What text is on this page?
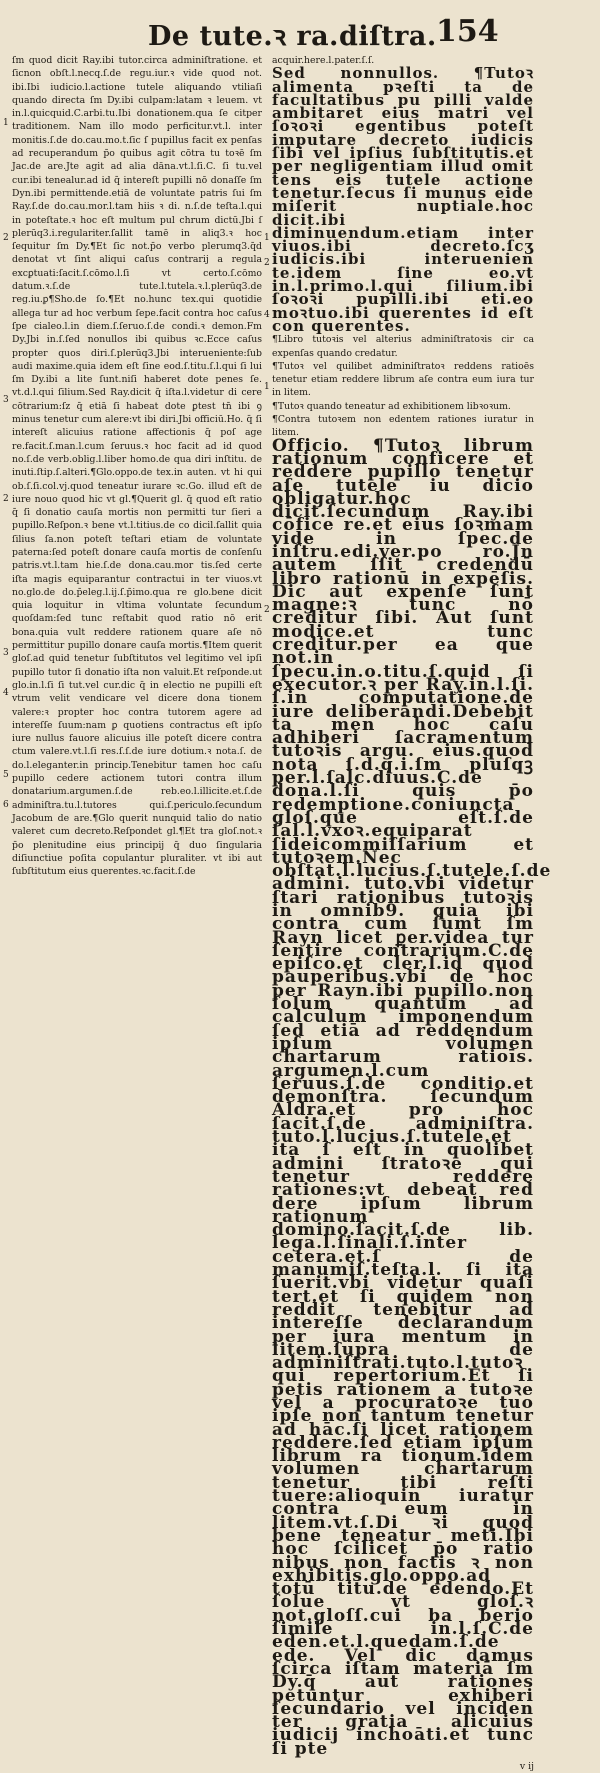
De tute.ꝛ ra.diſtra. 154

ſm quod dicit Ray.ibi tutor.circa adminiſtratione. et ſicnon obſt.l.necq.ſ.de regu.iur.ꝛ vide quod not. ibi.Ibi iudicio.l.actione tutele aliquando vtiliaſi quando directa ſm Dy.ibi culpam:latam ꝛ leuem. vt in.l.quicquid.C.arbi.tu.Ibi donationem.qua ſe citper traditionem. Nam illo modo perficitur.vt.l. inter monitis.ſ.de do.cau.mo.t.ſic ſ pupillus facit ex penſas ad recuperandum p̄o quibus agit cōtra tu toꝛē ſm Jac.de are.Jte agit ad alia dāna.vt.l.ſi.C. ſi tu.vel cur.ibi tenealur.ad id q̄ intereſt pupilli nō donaſſe ſm Dyn.ibi permittende.etiā de voluntate patris ſui ſm Ray.ſ.de do.cau.mor.l.tam hiis ꝛ di. n.ſ.de teſta.l.qui in poteſtate.ꝛ hoc eſt multum pul chrum dictū.Jbi ſ plerūq3.i.regulariter.ſallit tamē in aliq3.ꝛ hoc ſequitur ſm Dy.¶Et ſic not.p̄o verbo plerumq3.q̄d denotat vt ſint aliqui caſus contrarij a regula excꝑtuati:ſacit.ſ.cōmo.l.ſi vt certo.ſ.cōmo datum.ꝛ.ſ.de tute.l.tutela.ꝛ.l.plerūq3.de reg.iu.ꝑ¶Sho.de ſo.¶Et no.hunc tex.qui quotidie allega tur ad hoc verbum ſepe.facit contra hoc caſus ſpe cialeo.l.in diem.ſ.ſeruo.ſ.de condi.ꝛ demon.Fm Dy.Jbi in.ſ.ſed nonullos ibi quibus ꝛc.Ecce caſus propter quos diri.ſ.plerūq3.Jbi interueniente:ſub audi maxime.quia idem eſt ſine eod.ſ.titu.ſ.l.qui ſi lui ſm Dy.ibi a lite ſunt.niſi haberet dote penes ſe. vt.d.l.qui ſilium.Sed Ray.dicit q̄ iſta.l.videtur di cere cōtrarium:ſz q̄ etiā ſi habeat dote ꝑtest tn̄ ibi ꝯ minus tenetur cum alere:vt ibi diri.Jbi officiū.Ho. q̄ ſi intereſt alicuius ratione affectionis q̄ poſ age re.facit.ſ.man.l.cum ſeruus.ꝛ hoc facit ad id quod no.ſ.de verb.oblig.l.liber homo.de qua diri inſtitu. de inuti.ſtip.ſ.alteri.¶Glo.oppo.de tex.in auten. vt hi qui ob.ſ.ſi.col.vj.quod teneatur iurare ꝛc.Go. illud eſt de iure nouo quod hic vt gl.¶Querit gl. q̄ quod eſt ratio q̄ ſi donatio cauſa mortis non permitti tur ſieri a pupillo.Reſpon.ꝛ bene vt.l.titius.de co dicil.ſallit quia ſilius ſa.non poteſt teſtari etiam de voluntate paterna:ſed poteſt donare cauſa mortis de conſenſu patris.vt.l.tam hie.ſ.de dona.cau.mor tis.ſed certe iſta magis equiparantur contractui in ter viuos.vt no.glo.de do.p̄eleg.l.ij.ſ.p̄imo.qua re glo.bene dicit quia loquitur in vltima voluntate ſecundum quoſdam:ſed tunc reſtabit quod ratio nō erit bona.quia vult reddere rationem quare aſe nō permittitur pupillo donare cauſa mortis.¶Item querit gloſ.ad quid tenetur ſubſtitutos vel legitimo vel ipſi pupillo tutor ſi donatio iſta non valuit.Et reſponde.ut glo.in.l.ſi ſi tut.vel cur.dic q̄ in electio ne pupilli eſt vtrum velit vendicare vel dicere dona tionem valere:ꝛ propter hoc contra tutorem agere ad intereſſe ſuum:nam ꝑ quotiens contractus eſt ipſo iure nullus fauore alicuius ille poteſt dicere contra ctum valere.vt.l.ſi res.ſ.ſ.de iure dotium.ꝛ nota.ſ. de do.l.eleganter.in princip.Tenebitur tamen hoc caſu pupillo cedere actionem tutori contra illum donatarium.argumen.ſ.de reb.eo.l.illicite.et.ſ.de adminiſtra.tu.l.tutores qui.ſ.periculo.ſecundum Jacobum de are.¶Glo querit nunquid talio do natio valeret cum decreto.Reſpondet gl.¶Et tra gloſ.not.ꝛ p̄o plenitudine eius principij q̄ duo ſingularia diſiunctiue poſita copulantur pluraliter. vt ibi aut ſubſtitutum eius querentes.ꝛc.facit.ſ.de

acquir.here.l.pater.ſ.ſ.

Sed nonnullos. ¶Tutoꝛ alimenta pꝛeſti ta de facultatibus pu pilli valde ambitaret eius matri vel ſoꝛoꝛi egentibus poteſt imputare decreto iudicis ſibi vel ipſius ſubſtitutis.et per negligentiam illud omit tens eis tutele actione tenetur.ſecus ſi munus eide miſerit nuptiale.hoc dicit.ibi diminuendum.etiam inter viuos.ibi decreto.ſcʒ iudicis.ibi interuenien te.idem ſine eo.vt in.l.primo.l.qui ſilium.ibi ſoꝛoꝛi pupilli.ibi eti.eo moꝛtuo.ibi querentes id eſt con querentes.

¶Libro tutoꝛis vel alterius adminiſtratoꝛis cir ca expenſas quando credatur.

¶Tutoꝛ vel quilibet adminiſtratoꝛ reddens ratioēs tenetur etiam reddere librum aſe contra eum iura tur in litem.

¶Tutoꝛ quando teneatur ad exhibitionem libꝛoꝛum.

¶Contra tutoꝛem non edentem rationes iuratur in litem.

Officio. ¶Tutoꝛ librum rationum conficere et reddere pupillo tenetur aſe tutele iu dicio obligatur.hoc dicit.ſecundum Ray.ibi cōfice re.et eius ſoꝛmam vide in ſpec.de inſtru.edi.ver.po ro.Jn autem ſſit credendū libro rationū in expēſis. Dic aut expenſe ſunt magne:ꝛ tunc nō creditur ſibi. Aut ſunt modice.et tunc creditur.per ea que not.in ſpecu.in.o.titu.ſ.quid ſi executor.ꝛ per Ray.in.l.ſi. ſ.in computatione.de iure deliberandi.Debebit ta men hoc caſu adhiberi ſacramentum tutoꝛis argu. eius.quod nota ſ.d.q.i.ſm pluſqꝫ per.l.ſalc.diuus.C.de dona.l.ſi quis p̄o redemptione.coniuncta gloſ.que eſt.ſ.de ſal.l.vxoꝛ.equiparat ſideicommiſſarium et tutoꝛem.Nec obſtat.l.lucius.ſ.tutele.ſ.de admini. tuto.vbi videtur ſtari rationibus tutoꝛis in omnib9. quia ibi contra cum ſumt ſm Rayn licet ꝑer.videa tur ſentire contrarium.C.de epiſco.et cler.l.id quod pauperibus.vbi de hoc per Rayn.ibi pupillo.non ſolum quantum ad calculum imponendum ſed etiā ad reddendum ipſum volumen chartarum ratioīs. argumen.l.cum ſeruus.ſ.de conditio.et demonſtra. ſecundum Aldra.et pro hoc ſacit.ſ.de adminiſtra. tuto.l.lucius.ſ.tutele.et ita ſ eſt in quolibet admini ſtratoꝛe qui tenetur reddere rationes:vt debeat red dere ipſum librum rationum domino.ſacit.ſ.de lib. lega.l.ſinali.ſ.inter cetera.et.ſ de manumiſ.teſta.l. ſi ita ſuerit.vbi videtur quaſi tert.et ſi quidem non reddit tenebitur ad intereſſe declarandum per iura mentum in litem.ſupra de adminiſtrati.tuto.l.tutoꝛ qui repertorium.Et ſi petis rationem a tutoꝛe vel a procuratoꝛe tuo ipſe non tantum tenetur ad hāc.ſi licet rationem reddere.ſed etiam ipſum librum ra tionum.idem volumen chartarum tenetur tibi reſti tuere:alioquin iuratur contra eum in litem.vt.ſ.Di ꝛi quod bene teneatur meti.Ibi hoc ſcilicet p̄o ratio nibus non factis ꝛ non exhibitis.glo.oppo.ad totū titu.de edendo.Et ſolue vt gloſ.ꝛ not.gloſſ.cui ba berio ſimile in.l.ſ.C.de eden.et.l.quedam.ſ.de ede. Vel dic damus ſcirca iſtam materiā ſm Dy.q̄ aut rationes petuntur exhiberi ſecundario vel inciden ter gratia alicuius iudicij inchoāti.et tunc ſi pte

v ij
1
2
3
1
2
4
1
2
3
4
2
5
6
